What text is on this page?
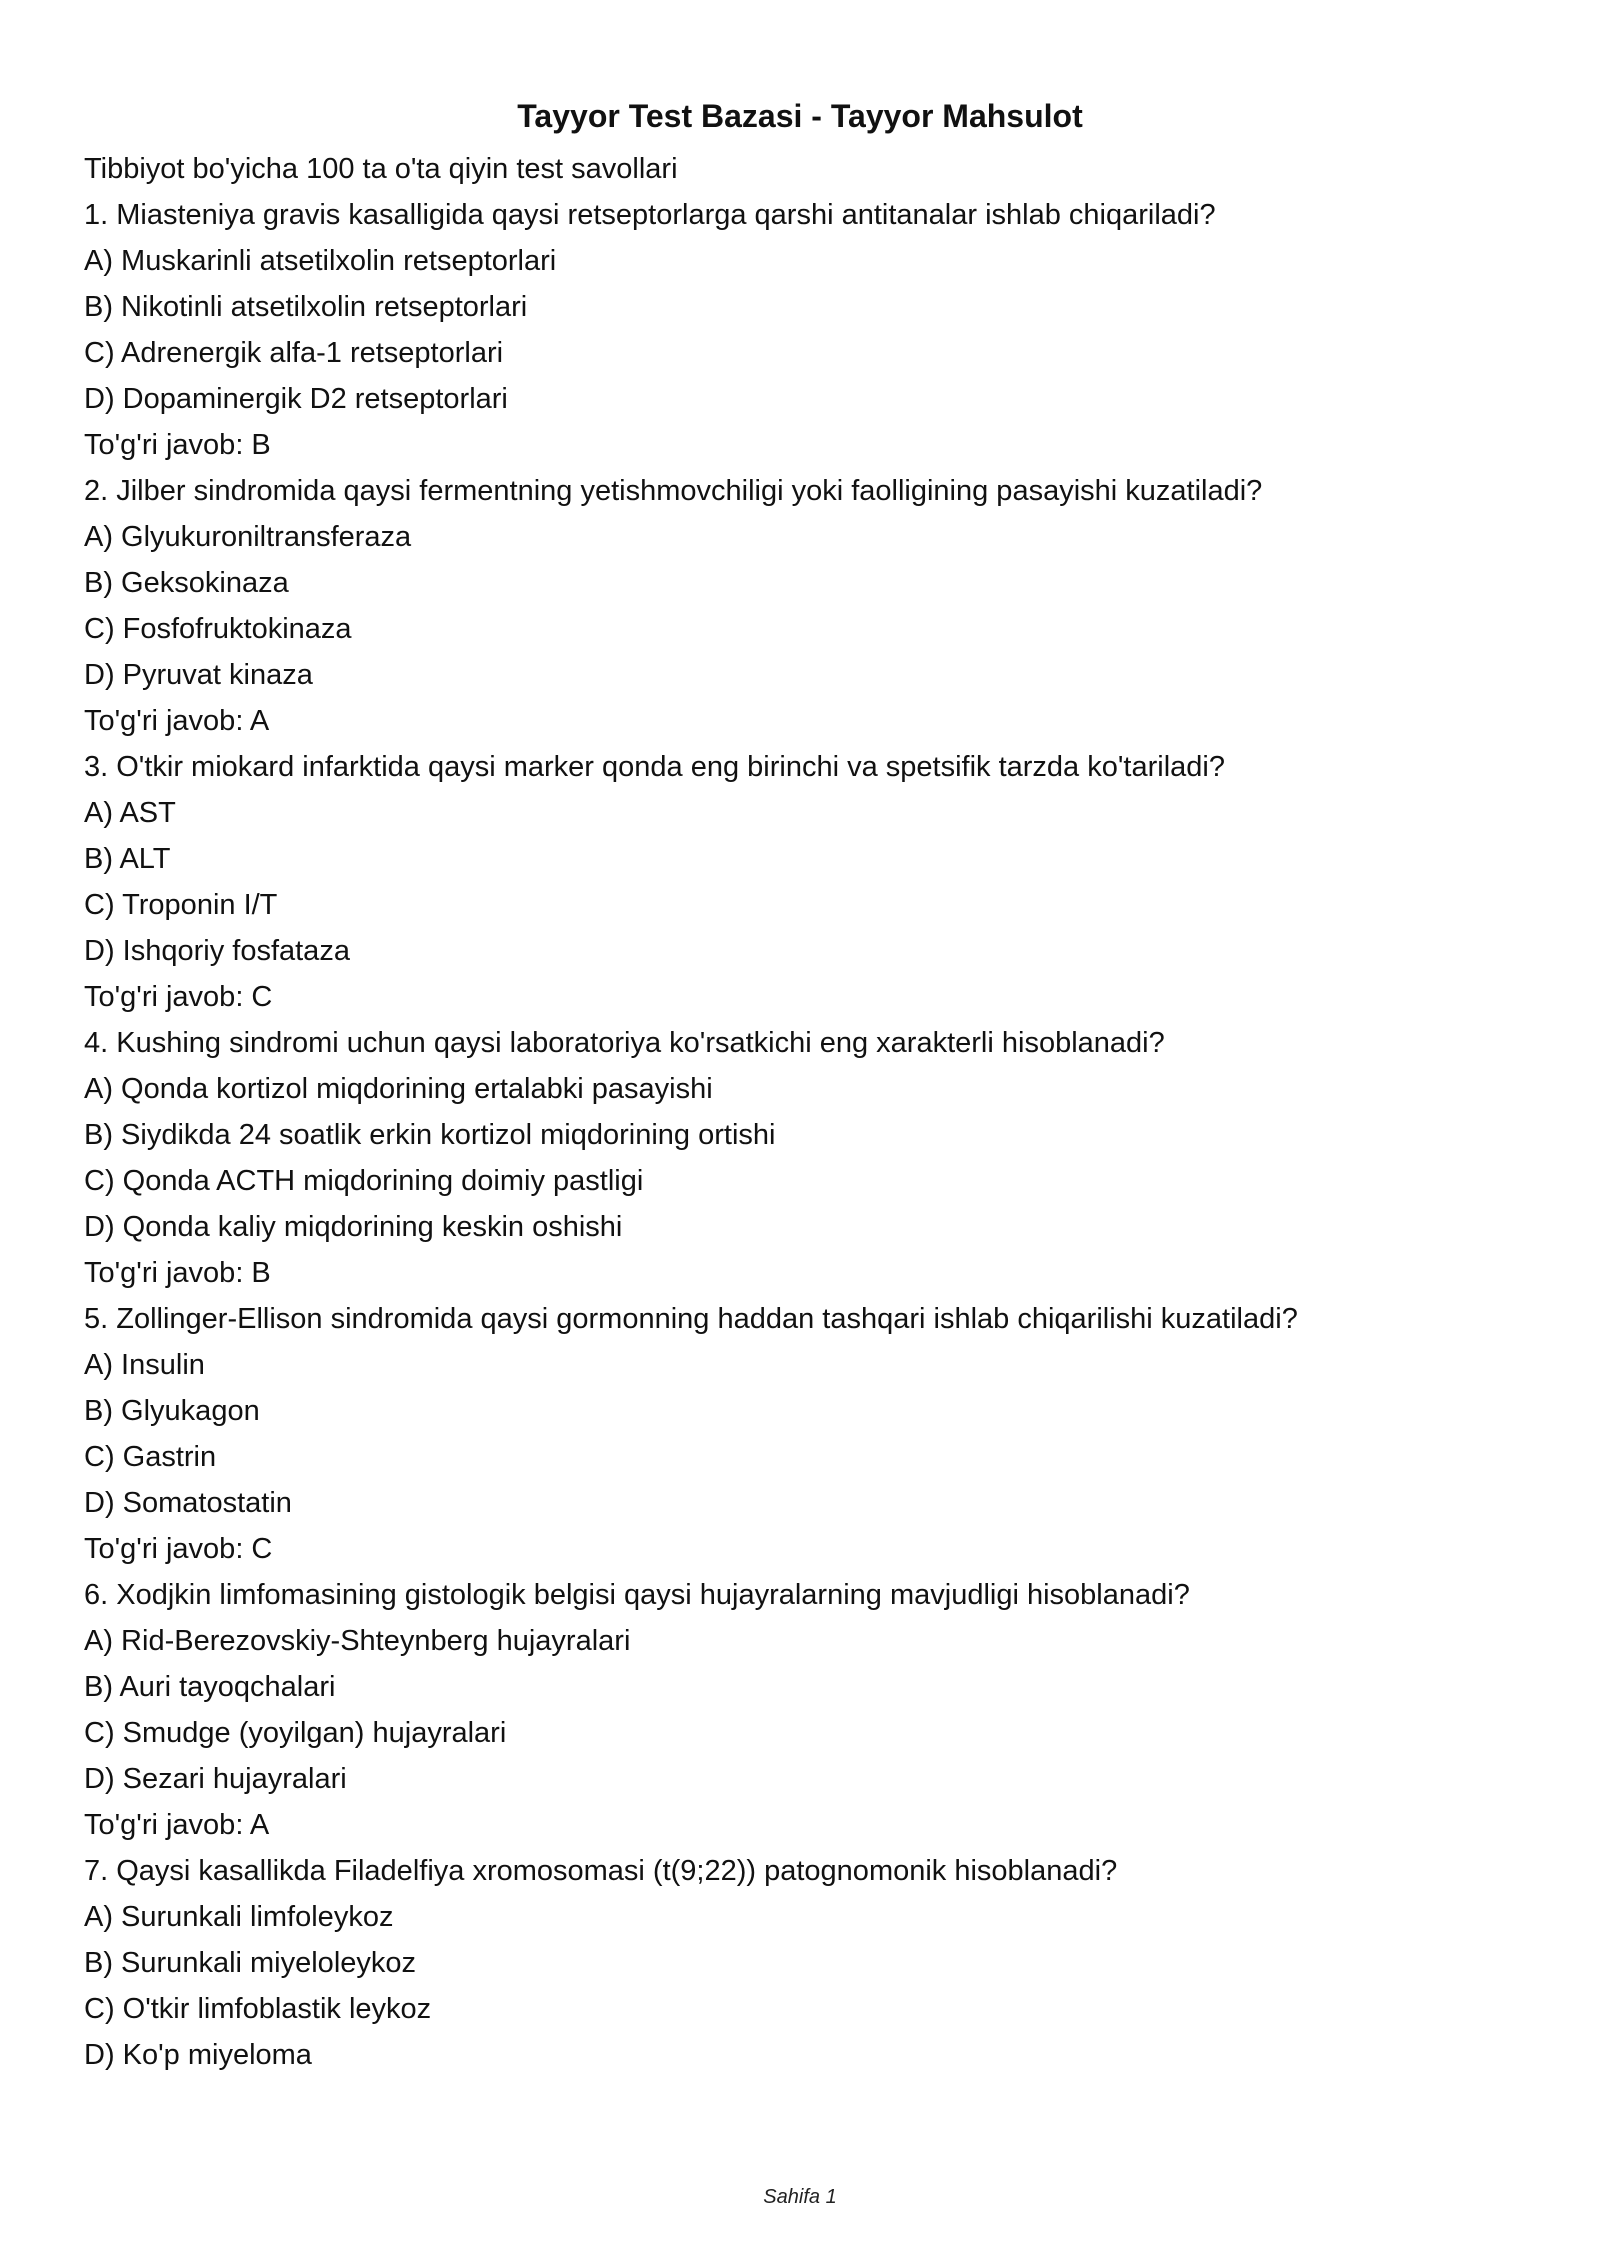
Tayyor Test Bazasi - Tayyor Mahsulot

Tibbiyot bo'yicha 100 ta o'ta qiyin test savollari

1. Miasteniya gravis kasalligida qaysi retseptorlarga qarshi antitanalar ishlab chiqariladi?

A) Muskarinli atsetilxolin retseptorlari

B) Nikotinli atsetilxolin retseptorlari

C) Adrenergik alfa-1 retseptorlari

D) Dopaminergik D2 retseptorlari

To'g'ri javob: B

2. Jilber sindromida qaysi fermentning yetishmovchiligi yoki faolligining pasayishi kuzatiladi?

A) Glyukuroniltransferaza

B) Geksokinaza

C) Fosfofruktokinaza

D) Pyruvat kinaza

To'g'ri javob: A

3. O'tkir miokard infarktida qaysi marker qonda eng birinchi va spetsifik tarzda ko'tariladi?

A) AST

B) ALT

C) Troponin I/T

D) Ishqoriy fosfataza

To'g'ri javob: C

4. Kushing sindromi uchun qaysi laboratoriya ko'rsatkichi eng xarakterli hisoblanadi?

A) Qonda kortizol miqdorining ertalabki pasayishi

B) Siydikda 24 soatlik erkin kortizol miqdorining ortishi

C) Qonda ACTH miqdorining doimiy pastligi

D) Qonda kaliy miqdorining keskin oshishi

To'g'ri javob: B

5. Zollinger-Ellison sindromida qaysi gormonning haddan tashqari ishlab chiqarilishi kuzatiladi?

A) Insulin

B) Glyukagon

C) Gastrin

D) Somatostatin

To'g'ri javob: C

6. Xodjkin limfomasining gistologik belgisi qaysi hujayralarning mavjudligi hisoblanadi?

A) Rid-Berezovskiy-Shteynberg hujayralari

B) Auri tayoqchalari

C) Smudge (yoyilgan) hujayralari

D) Sezari hujayralari

To'g'ri javob: A

7. Qaysi kasallikda Filadelfiya xromosomasi (t(9;22)) patognomonik hisoblanadi?

A) Surunkali limfoleykoz

B) Surunkali miyeloleykoz

C) O'tkir limfoblastik leykoz

D) Ko'p miyeloma

Sahifa 1
